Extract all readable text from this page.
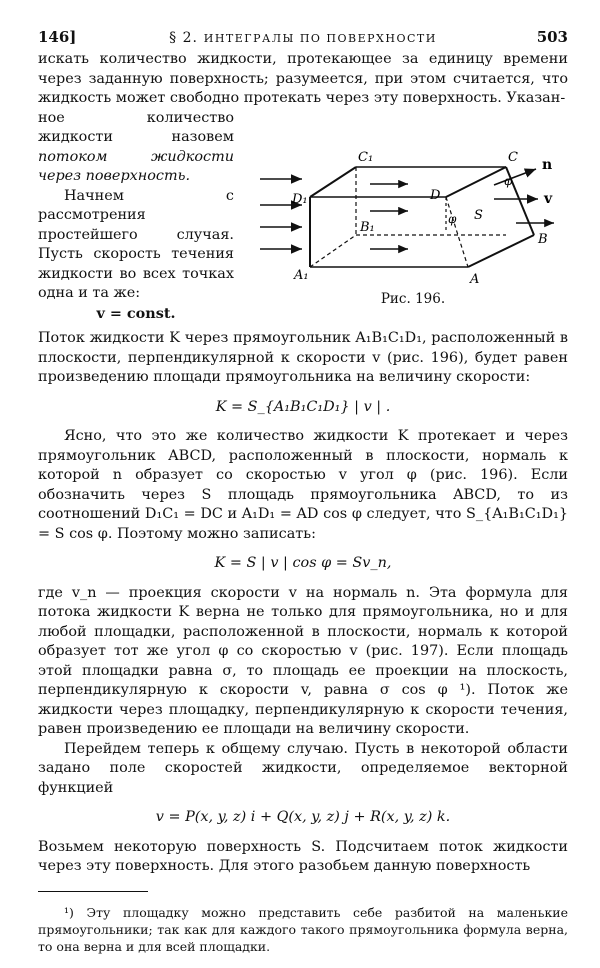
146]	§ 2. ИНТЕГРАЛЫ ПО ПОВЕРХНОСТИ	503

искать количество жидкости, протекающее за единицу времени через заданную поверхность; разумеется, при этом считается, что жидкость может свободно протекать через эту поверхность. Указан-

ное количество жидкости назовем потоком жидкости через поверхность.

Начнем с рассмотрения простейшего случая. Пусть скорость течения жидкости во всех точках одна и та же:

v = const.

Поток жидкости K через прямоугольник A₁B₁C₁D₁, расположенный в плоскости, перпендикулярной к скорости v (рис. 196), будет равен произведению площади прямоугольника на величину скорости:

K = S_{A₁B₁C₁D₁} | v | .

Ясно, что это же количество жидкости K протекает и через прямоугольник ABCD, расположенный в плоскости, нормаль к которой n образует со скоростью v угол φ (рис. 196). Если обозначить через S площадь прямоугольника ABCD, то из соотношений D₁C₁ = DC и A₁D₁ = AD cos φ следует, что S_{A₁B₁C₁D₁} = S cos φ. Поэтому можно записать:

K = S | v | cos φ = Sv_n,

где v_n — проекция скорости v на нормаль n. Эта формула для потока жидкости K верна не только для прямоугольника, но и для любой площадки, расположенной в плоскости, нормаль к которой образует тот же угол φ со скоростью v (рис. 197). Если площадь этой площадки равна σ, то площадь ее проекции на плоскость, перпендикулярную к скорости v, равна σ cos φ ¹). Поток же жидкости через площадку, перпендикулярную к скорости течения, равен произведению ее площади на величину скорости.

Перейдем теперь к общему случаю. Пусть в некоторой области задано поле скоростей жидкости, определяемое векторной функцией

v = P(x, y, z) i + Q(x, y, z) j + R(x, y, z) k.

Возьмем некоторую поверхность S. Подсчитаем поток жидкости через эту поверхность. Для этого разобьем данную поверхность

¹) Эту площадку можно представить себе разбитой на маленькие прямоугольники; так как для каждого такого прямоугольника формула верна, то она верна и для всей площадки.

C₁
D₁
B₁
A₁
C
D
B
A
n
v
S
φ
φ
Рис. 196.
